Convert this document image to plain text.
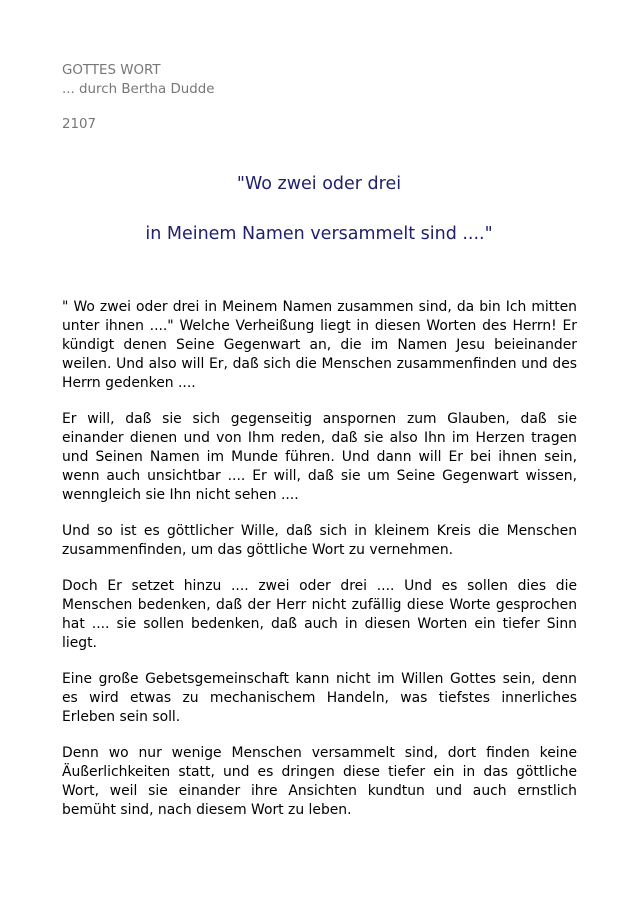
GOTTES WORT

... durch Bertha Dudde

2107

"Wo zwei oder drei
in Meinem Namen versammelt sind ...."

" Wo zwei oder drei in Meinem Namen zusammen sind, da bin Ich mitten unter ihnen ...." Welche Verheißung liegt in diesen Worten des Herrn! Er kündigt denen Seine Gegenwart an, die im Namen Jesu beieinander weilen. Und also will Er, daß sich die Menschen zusammenfinden und des Herrn gedenken ....

Er will, daß sie sich gegenseitig anspornen zum Glauben, daß sie einander dienen und von Ihm reden, daß sie also Ihn im Herzen tragen und Seinen Namen im Munde führen. Und dann will Er bei ihnen sein, wenn auch unsichtbar .... Er will, daß sie um Seine Gegenwart wissen, wenngleich sie Ihn nicht sehen ....

Und so ist es göttlicher Wille, daß sich in kleinem Kreis die Menschen zusammenfinden, um das göttliche Wort zu vernehmen.

Doch Er setzet hinzu .... zwei oder drei .... Und es sollen dies die Menschen bedenken, daß der Herr nicht zufällig diese Worte gesprochen hat .... sie sollen bedenken, daß auch in diesen Worten ein tiefer Sinn liegt.

Eine große Gebetsgemeinschaft kann nicht im Willen Gottes sein, denn es wird etwas zu mechanischem Handeln, was tiefstes innerliches Erleben sein soll.

Denn wo nur wenige Menschen versammelt sind, dort finden keine Äußerlichkeiten statt, und es dringen diese tiefer ein in das göttliche Wort, weil sie einander ihre Ansichten kundtun und auch ernstlich bemüht sind, nach diesem Wort zu leben.
